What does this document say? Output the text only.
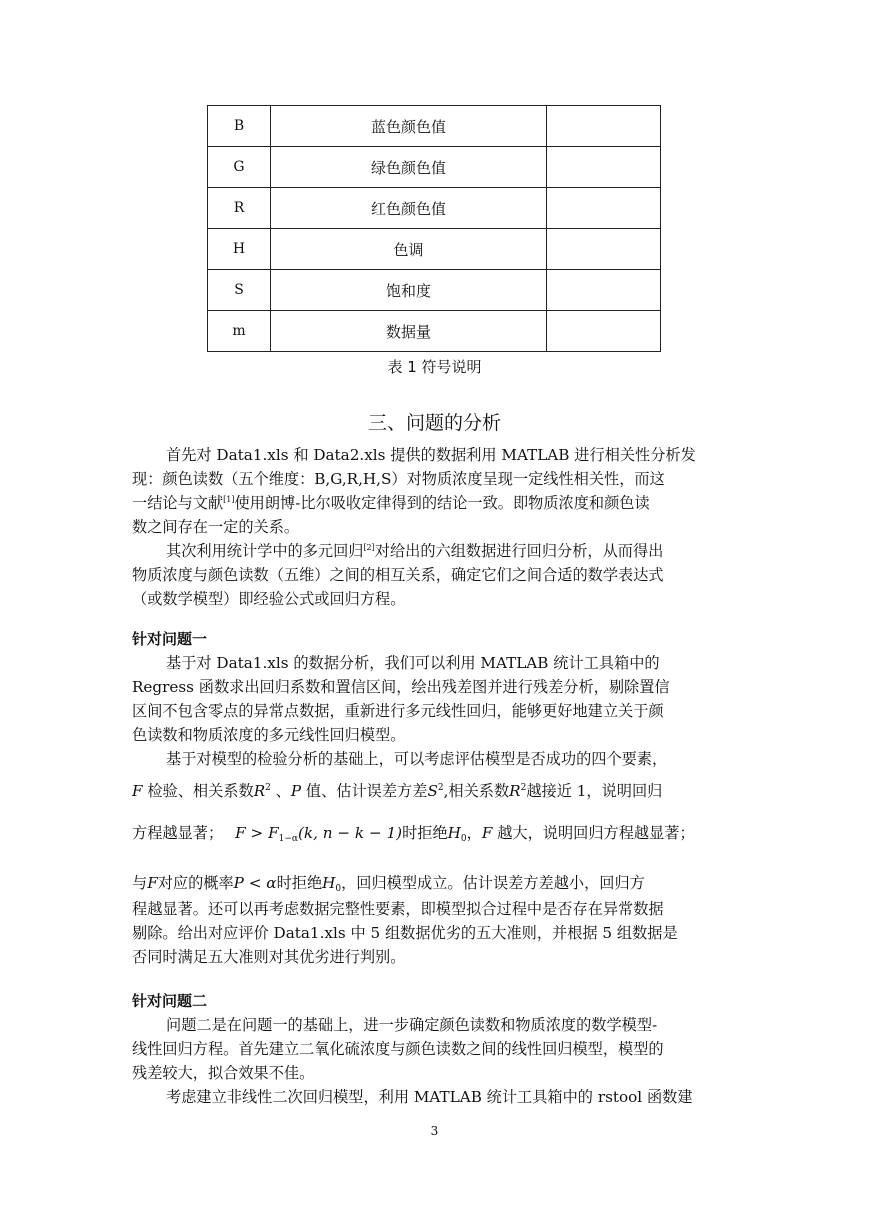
B	蓝色颜色值	
G	绿色颜色值	
R	红色颜色值	
H	色调	
S	饱和度	
m	数据量	
表 1 符号说明
三、问题的分析
首先对 Data1.xls 和 Data2.xls 提供的数据利用 MATLAB 进行相关性分析发
现：颜色读数（五个维度：B,G,R,H,S）对物质浓度呈现一定线性相关性，而这
一结论与文献[1]使用朗博-比尔吸收定律得到的结论一致。即物质浓度和颜色读
数之间存在一定的关系。
其次利用统计学中的多元回归[2]对给出的六组数据进行回归分析，从而得出
物质浓度与颜色读数（五维）之间的相互关系，确定它们之间合适的数学表达式
（或数学模型）即经验公式或回归方程。
针对问题一
基于对 Data1.xls 的数据分析，我们可以利用 MATLAB 统计工具箱中的
Regress 函数求出回归系数和置信区间，绘出残差图并进行残差分析，剔除置信
区间不包含零点的异常点数据，重新进行多元线性回归，能够更好地建立关于颜
色读数和物质浓度的多元线性回归模型。
基于对模型的检验分析的基础上，可以考虑评估模型是否成功的四个要素，
F 检验、相关系数$R^2$ 、P 值、估计误差方差$S^2$,相关系数$R^2$越接近 1，说明回归
方程越显著； $F > F_{1-\alpha}(k$, n − k − 1)时拒绝$H_0$，F 越大，说明回归方程越显著；
与F对应的概率P < α时拒绝$H_0$，回归模型成立。估计误差方差越小，回归方
程越显著。还可以再考虑数据完整性要素，即模型拟合过程中是否存在异常数据
剔除。给出对应评价 Data1.xls 中 5 组数据优劣的五大准则，并根据 5 组数据是
否同时满足五大准则对其优劣进行判别。
针对问题二
问题二是在问题一的基础上，进一步确定颜色读数和物质浓度的数学模型-
线性回归方程。首先建立二氧化硫浓度与颜色读数之间的线性回归模型，模型的
残差较大，拟合效果不佳。
考虑建立非线性二次回归模型，利用 MATLAB 统计工具箱中的 rstool 函数建
3
